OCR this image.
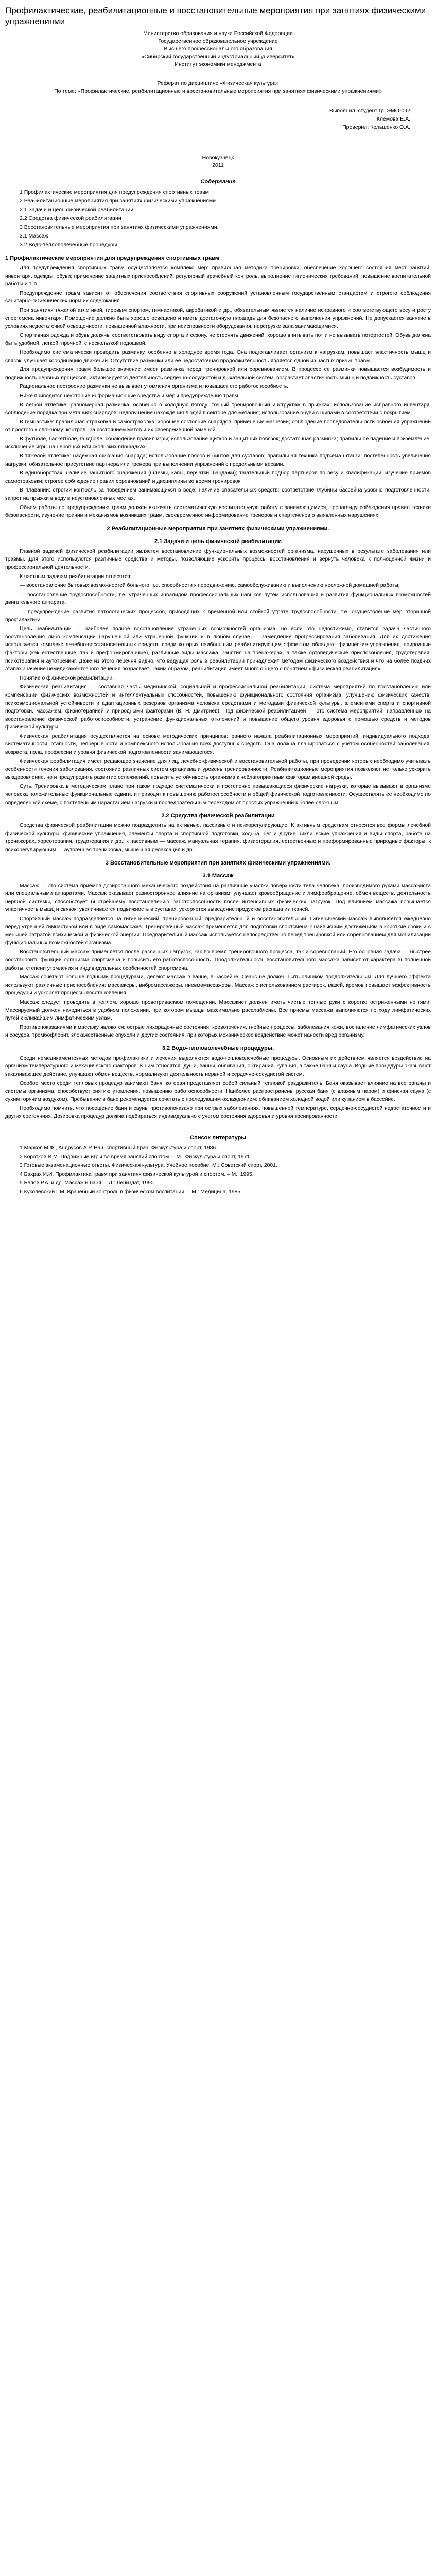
Профилактические, реабилитационные и восстановительные мероприятия при занятиях физическими упражнениями

Министерство образования и науки Российской Федерации

Государственное образовательное учреждение

Высшего профессионального образования

«Сибирский государственный индустриальный университет»

Институт экономики менеджмента

Реферат по дисциплине «Физическая культура»

По теме: «Профилактические, реабилитационные и восстановительные мероприятия при занятиях физическими упражнениями»

Выполнил: студент гр. ЭМО-092

Клемова Е.А.

Проверил: Кельшенко О.А.

Новокузнецк

2011

Содержание
1 Профилактические мероприятия для предупреждения спортивных травм
2 Реабилитационные мероприятия при занятиях физическими упражнениями
2.1 Задачи и цель физической реабилитации
2.2 Средства физической реабилитации
3 Восстановительные мероприятия при занятиях физическими упражнениями.
3.1 Массаж
3.2 Водо-тепловолечебные процедуры
1 Профилактические мероприятия для предупреждения спортивных травм

Для предупреждения спортивных травм осуществляется комплекс мер: правильная методика тренировки; обеспечение хорошего состояния мест занятий, инвентаря, одежды, обуви; применение защитных приспособлений, регулярный врачебный контроль, выполнение гигиенических требований, повышение воспитательной работы и т. п.

Предупреждение травм зависит от обеспечения соответствия спортивных сооружений установленным государственным стандартам и строгого соблюдения санитарно-гигиенических норм их содержания.

При занятиях тяжелой атлетикой, гиревым спортом, гимнастикой, акробатикой и др., обязательным является наличие исправного и соответствующего весу и росту спортсмена инвентаря. Помещение должно быть хорошо освещено и иметь достаточную площадь для безопасного выполнения упражнений. Не допускается занятие в условиях недостаточной освещенности, повышенной влажности, при неисправности оборудования, перегрузке зала занимающимися.

Спортивная одежда и обувь должны соответствовать виду спорта и сезону, не стеснять движений, хорошо впитывать пот и не вызывать потертостей. Обувь должна быть удобной, легкой, прочной, с нескользкой подошвой.

Необходимо систематически проводить разминку, особенно в холодное время года. Она подготавливает организм к нагрузкам, повышает эластичность мышц и связок, улучшает координацию движений. Отсутствие разминки или ее недостаточная продолжительность является одной из частых причин травм.

Для предупреждения травм большое значение имеет разминка перед тренировкой или соревнованием. В процессе ее разминки повышается возбудимость и подвижность нервных процессов, активизируется деятельность сердечно-сосудистой и дыхательной систем, возрастает эластичность мышц и подвижность суставов.

Рациональное построение разминки не вызывает утомления организма и повышает его работоспособность.

Ниже приводится некоторые информационные средства и меры предупреждения травм.

В легкой атлетике: равномерная разминка, особенно в холодную погоду; точный тренировочный инструктаж в прыжках; использование исправного инвентаря; соблюдение порядка при метаниях снарядов; недопущение нахождения людей в секторе для метания; использование обуви с шипами в соответствии с покрытием.

В гимнастике: правильная страховка и самостраховка; хорошее состояние снарядов; применение магнезии; соблюдение последовательности освоения упражнений от простого к сложному; контроль за состоянием матов и их своевременной заменой.

В футболе, баскетболе, гандболе: соблюдение правил игры; использование щитков и защитных повязок; достаточная разминка; правильное падение и приземление; исключение игры на неровных или скользких площадках.

В тяжелой атлетике: надежная фиксация снаряда; использование поясов и бинтов для суставов; правильная техника подъема штанги; постепенность увеличения нагрузки; обязательное присутствие партнера или тренера при выполнении упражнений с предельными весами.

В единоборствах: наличие защитного снаряжения (шлемы, капы, перчатки, бандажи); тщательный подбор партнеров по весу и квалификации; изучение приемов самостраховки; строгое соблюдение правил соревнований и дисциплины во время тренировок.

В плавании: строгий контроль за поведением занимающихся в воде; наличие спасательных средств; соответствие глубины бассейна уровню подготовленности; запрет на прыжки в воду в неустановленных местах.

Объем работы по предупреждению травм должен включать систематическую воспитательную работу с занимающимися, пропаганду соблюдения правил техники безопасности, изучение причин и механизмов возникших травм, своевременное информирование тренеров и спортсменов о выявленных нарушениях.

2 Реабилитационные мероприятия при занятиях физическими упражнениями.
2.1 Задачи и цель физической реабилитации

Главной задачей физической реабилитации является восстановление функциональных возможностей организма, нарушенных в результате заболевания или травмы. Для этого используются различные средства и методы, позволяющие ускорить процессы восстановления и вернуть человека к полноценной жизни и профессиональной деятельности.

К частным задачам реабилитации относятся:

— восстановление бытовых возможностей больного, т.е. способности к передвижению, самообслуживанию и выполнению несложной домашней работы;

— восстановление трудоспособности, т.е. утраченных инвалидом профессиональных навыков путем использования и развития функциональных возможностей двигательного аппарата;

— предупреждение развития патологических процессов, приводящих к временной или стойкой утрате трудоспособности, т.е. осуществление мер вторичной профилактики.

Цель реабилитации — наиболее полное восстановление утраченных возможностей организма, но если это недостижимо, ставится задача частичного восстановления либо компенсации нарушенной или утраченной функции и в любом случае — замедление прогрессирования заболевания. Для их достижения используется комплекс лечебно-восстановительных средств, среди которых наибольшим реабилитирующим эффектом обладают физические упражнения, природные факторы (как естественные, так и преформированные), различные виды массажа, занятия на тренажерах, а также ортопедические приспособления, трудотерапия, психотерапия и аутотренинг. Даже из этого перечня видно, что ведущая роль в реабилитации принадлежит методам физического воздействия и что на более поздних этапах значение немедикаментозного лечения возрастает. Таким образом, реабилитация имеет много общего с понятием «физическая реабилитация».

Понятие о физической реабилитации.

Физическая реабилитация — составная часть медицинской, социальной и профессиональной реабилитации, система мероприятий по восстановлению или компенсации физических возможностей и интеллектуальных способностей, повышению функционального состояния организма, улучшению физических качеств, психоэмоциональной устойчивости и адаптационных резервов организма человека средствами и методами физической культуры, элементами спорта и спортивной подготовки, массажем, физиотерапией и природными факторами (В. Н. Дмитриев). Под физической реабилитацией — это система мероприятий, направленных на восстановление физической работоспособности, устранение функциональных отклонений и повышение общего уровня здоровья с помощью средств и методов физической культуры.

Физическая реабилитация осуществляется на основе методических принципов: раннего начала реабилитационных мероприятий, индивидуального подхода, систематичности, этапности, непрерывности и комплексного использования всех доступных средств. Она должна планироваться с учетом особенностей заболевания, возраста, пола, профессии и уровня физической подготовленности занимающегося.

Физическая реабилитация имеет решающее значение для лиц, лечебно-физической и восстановительной работы, при проведении которых необходимо учитывать особенности течения заболевания, состояние различных систем организма и уровень тренированности. Реабилитационные мероприятия позволяют не только ускорить выздоровление, но и предупредить развитие осложнений, повысить устойчивость организма к неблагоприятным факторам внешней среды.

Суть. Тренировка в методическом плане при таком подходе систематически и постепенно повышающиеся физические нагрузки, которые вызывают в организме человека положительные функциональные сдвиги, и приводят к повышению работоспособности и общей физической подготовленности. Осуществлять её необходимо по определенной схеме, с постепенным нарастанием нагрузки и последовательным переходом от простых упражнений к более сложным.

2.2 Средства физической реабилитации

Средства физической реабилитации можно подразделить на активные, пассивные и психорегулирующие. К активным средствам относятся все формы лечебной физической культуры: физические упражнения, элементы спорта и спортивной подготовки, ходьба, бег и другие циклические упражнения и виды спорта, работа на тренажерах, хореотерапия, трудотерапия и др.; к пассивным — массаж, мануальная терапия, физиотерапия, естественные и преформированные природные факторы; к психорегулирующим — аутогенная тренировка, мышечная релаксация и др.

3 Восстановительные мероприятия при занятиях физическими упражнениями.
3.1 Массаж

Массаж — это система приемов дозированного механического воздействия на различные участки поверхности тела человека, производимого руками массажиста или специальными аппаратами. Массаж оказывает разностороннее влияние на организм: улучшает кровообращение и лимфообращение, обмен веществ, деятельность нервной системы, способствует быстрейшему восстановлению работоспособности после интенсивных физических нагрузок. Под влиянием массажа повышается эластичность мышц и связок, увеличивается подвижность в суставах, ускоряется выведение продуктов распада из тканей.

Спортивный массаж подразделяется на гигиенический, тренировочный, предварительный и восстановительный. Гигиенический массаж выполняется ежедневно перед утренней гимнастикой или в виде самомассажа. Тренировочный массаж применяется для подготовки спортсмена к наивысшим достижениям в короткие сроки и с меньшей затратой психической и физической энергии. Предварительный массаж используется непосредственно перед тренировкой или соревнованием для мобилизации функциональных возможностей организма.

Восстановительный массаж применяется после различных нагрузок, как во время тренировочного процесса, так и соревнований. Его основная задача — быстрее восстановить функции организма спортсмена и повысить его работоспособность. Продолжительность восстановительного массажа зависит от характера выполненной работы, степени утомления и индивидуальных особенностей спортсмена.

Массаж сочетают больше водными процедурами, делают массаж в ванне, в бассейне. Сеанс не должен быть слишком продолжительным. Для лучшего эффекта используют различные приспособления: массажеры, вибромассажеры, пневмомассажеры. Массаж с использованием растирок, мазей, кремов повышает эффективность процедуры и ускоряет процессы восстановления.

Массаж следует проводить в теплом, хорошо проветриваемом помещении. Массажист должен иметь чистые теплые руки с коротко остриженными ногтями. Массируемый должен находиться в удобном положении, при котором мышцы максимально расслаблены. Все приемы массажа выполняются по ходу лимфатических путей к ближайшим лимфатическим узлам.

Противопоказаниями к массажу являются: острые лихорадочные состояния, кровотечения, гнойные процессы, заболевания кожи, воспаление лимфатических узлов и сосудов, тромбофлебит, злокачественные опухоли и другие состояния, при которых механическое воздействие может нанести вред организму.

3.2 Водо-тепловолечебные процедуры.

Среди немедикаментозных методов профилактики и лечения выделяются водо-тепловолечебные процедуры. Основным их действием является воздействие на организм температурного и механического факторов. К ним относятся: души, ванны, обливания, обтирания, купания, а также баня и сауна. Водные процедуры оказывают закаливающее действие, улучшают обмен веществ, нормализуют деятельность нервной и сердечно-сосудистой систем.

Особое место среди тепловых процедур занимают баня, которая представляет собой сильный тепловой раздражитель. Баня оказывает влияние на все органы и системы организма, способствует снятию утомления, повышению работоспособности. Наиболее распространены русская баня (с влажным паром) и финская сауна (с сухим горячим воздухом). Пребывание в бане рекомендуется сочетать с последующим охлаждением: обливанием холодной водой или купанием в бассейне.

Необходимо помнить, что посещение бани и сауны противопоказано при острых заболеваниях, повышенной температуре, сердечно-сосудистой недостаточности и других состояниях. Дозировка процедур должна подбираться индивидуально с учетом состояния здоровья и уровня тренированности.

Список литературы
1 Марков М.Ф., Андрусов А.Р. Наш спортивный врач. Физкультура и спорт, 1986.
2 Коротков И.М. Подвижные игры во время занятий спортом. – М.: Физкультура и спорт, 1971.
3 Готовые экзаменационные ответы. Физическая культура. Учебное пособие. М.: Советский спорт, 2001.
4 Бахрах И.И. Профилактика травм при занятиях физической культурой и спортом. – М., 1995.
5 Белов Р.А. и др. Массаж и баня. – Л.: Лениздат, 1990.
6 Куколевский Г.М. Врачебный контроль в физическом воспитании. – М.: Медицина, 1985.
